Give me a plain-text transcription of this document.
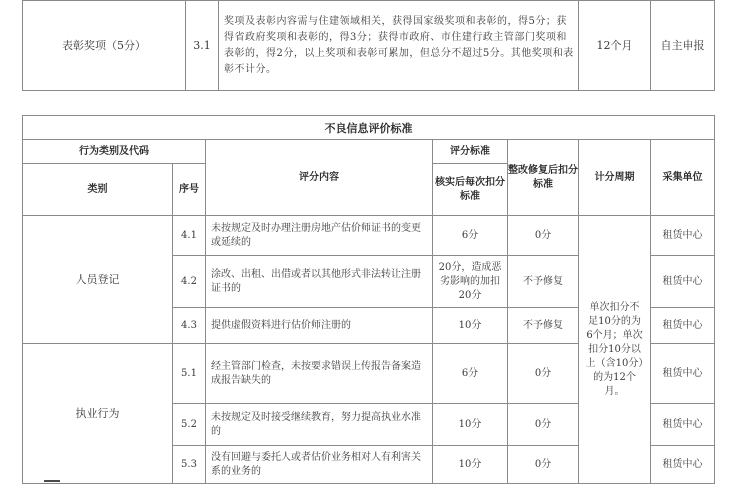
表彰奖项（5分）	3.1	奖项及表彰内容需与住建领域相关，获得国家级奖项和表彰的，得5分；获得省政府奖项和表彰的，得3分；获得市政府、市住建行政主管部门奖项和表彰的，得2分，以上奖项和表彰可累加，但总分不超过5分。其他奖项和表彰不计分。	12个月	自主申报
不良信息评价标准						
行为类别及代码		评分内容	评分标准	整改修复后扣分标准	计分周期	采集单位
类别	序号		核实后每次扣分标准			
人员登记	4.1	未按规定及时办理注册房地产估价师证书的变更或延续的	6分	0分	单次扣分不足10分的为6个月；单次扣分10分以上（含10分）的为12个月。	租赁中心
	4.2	涂改、出租、出借或者以其他形式非法转让注册证书的	20分，造成恶劣影响的加扣20分	不予修复		租赁中心
	4.3	提供虚假资料进行估价师注册的	10分	不予修复		租赁中心
执业行为	5.1	经主管部门检查，未按要求错误上传报告备案造成报告缺失的	6分	0分		租赁中心
	5.2	未按规定及时接受继续教育，努力提高执业水准的	10分	0分		租赁中心
	5.3	没有回避与委托人或者估价业务相对人有利害关系的业务的	10分	0分		租赁中心
